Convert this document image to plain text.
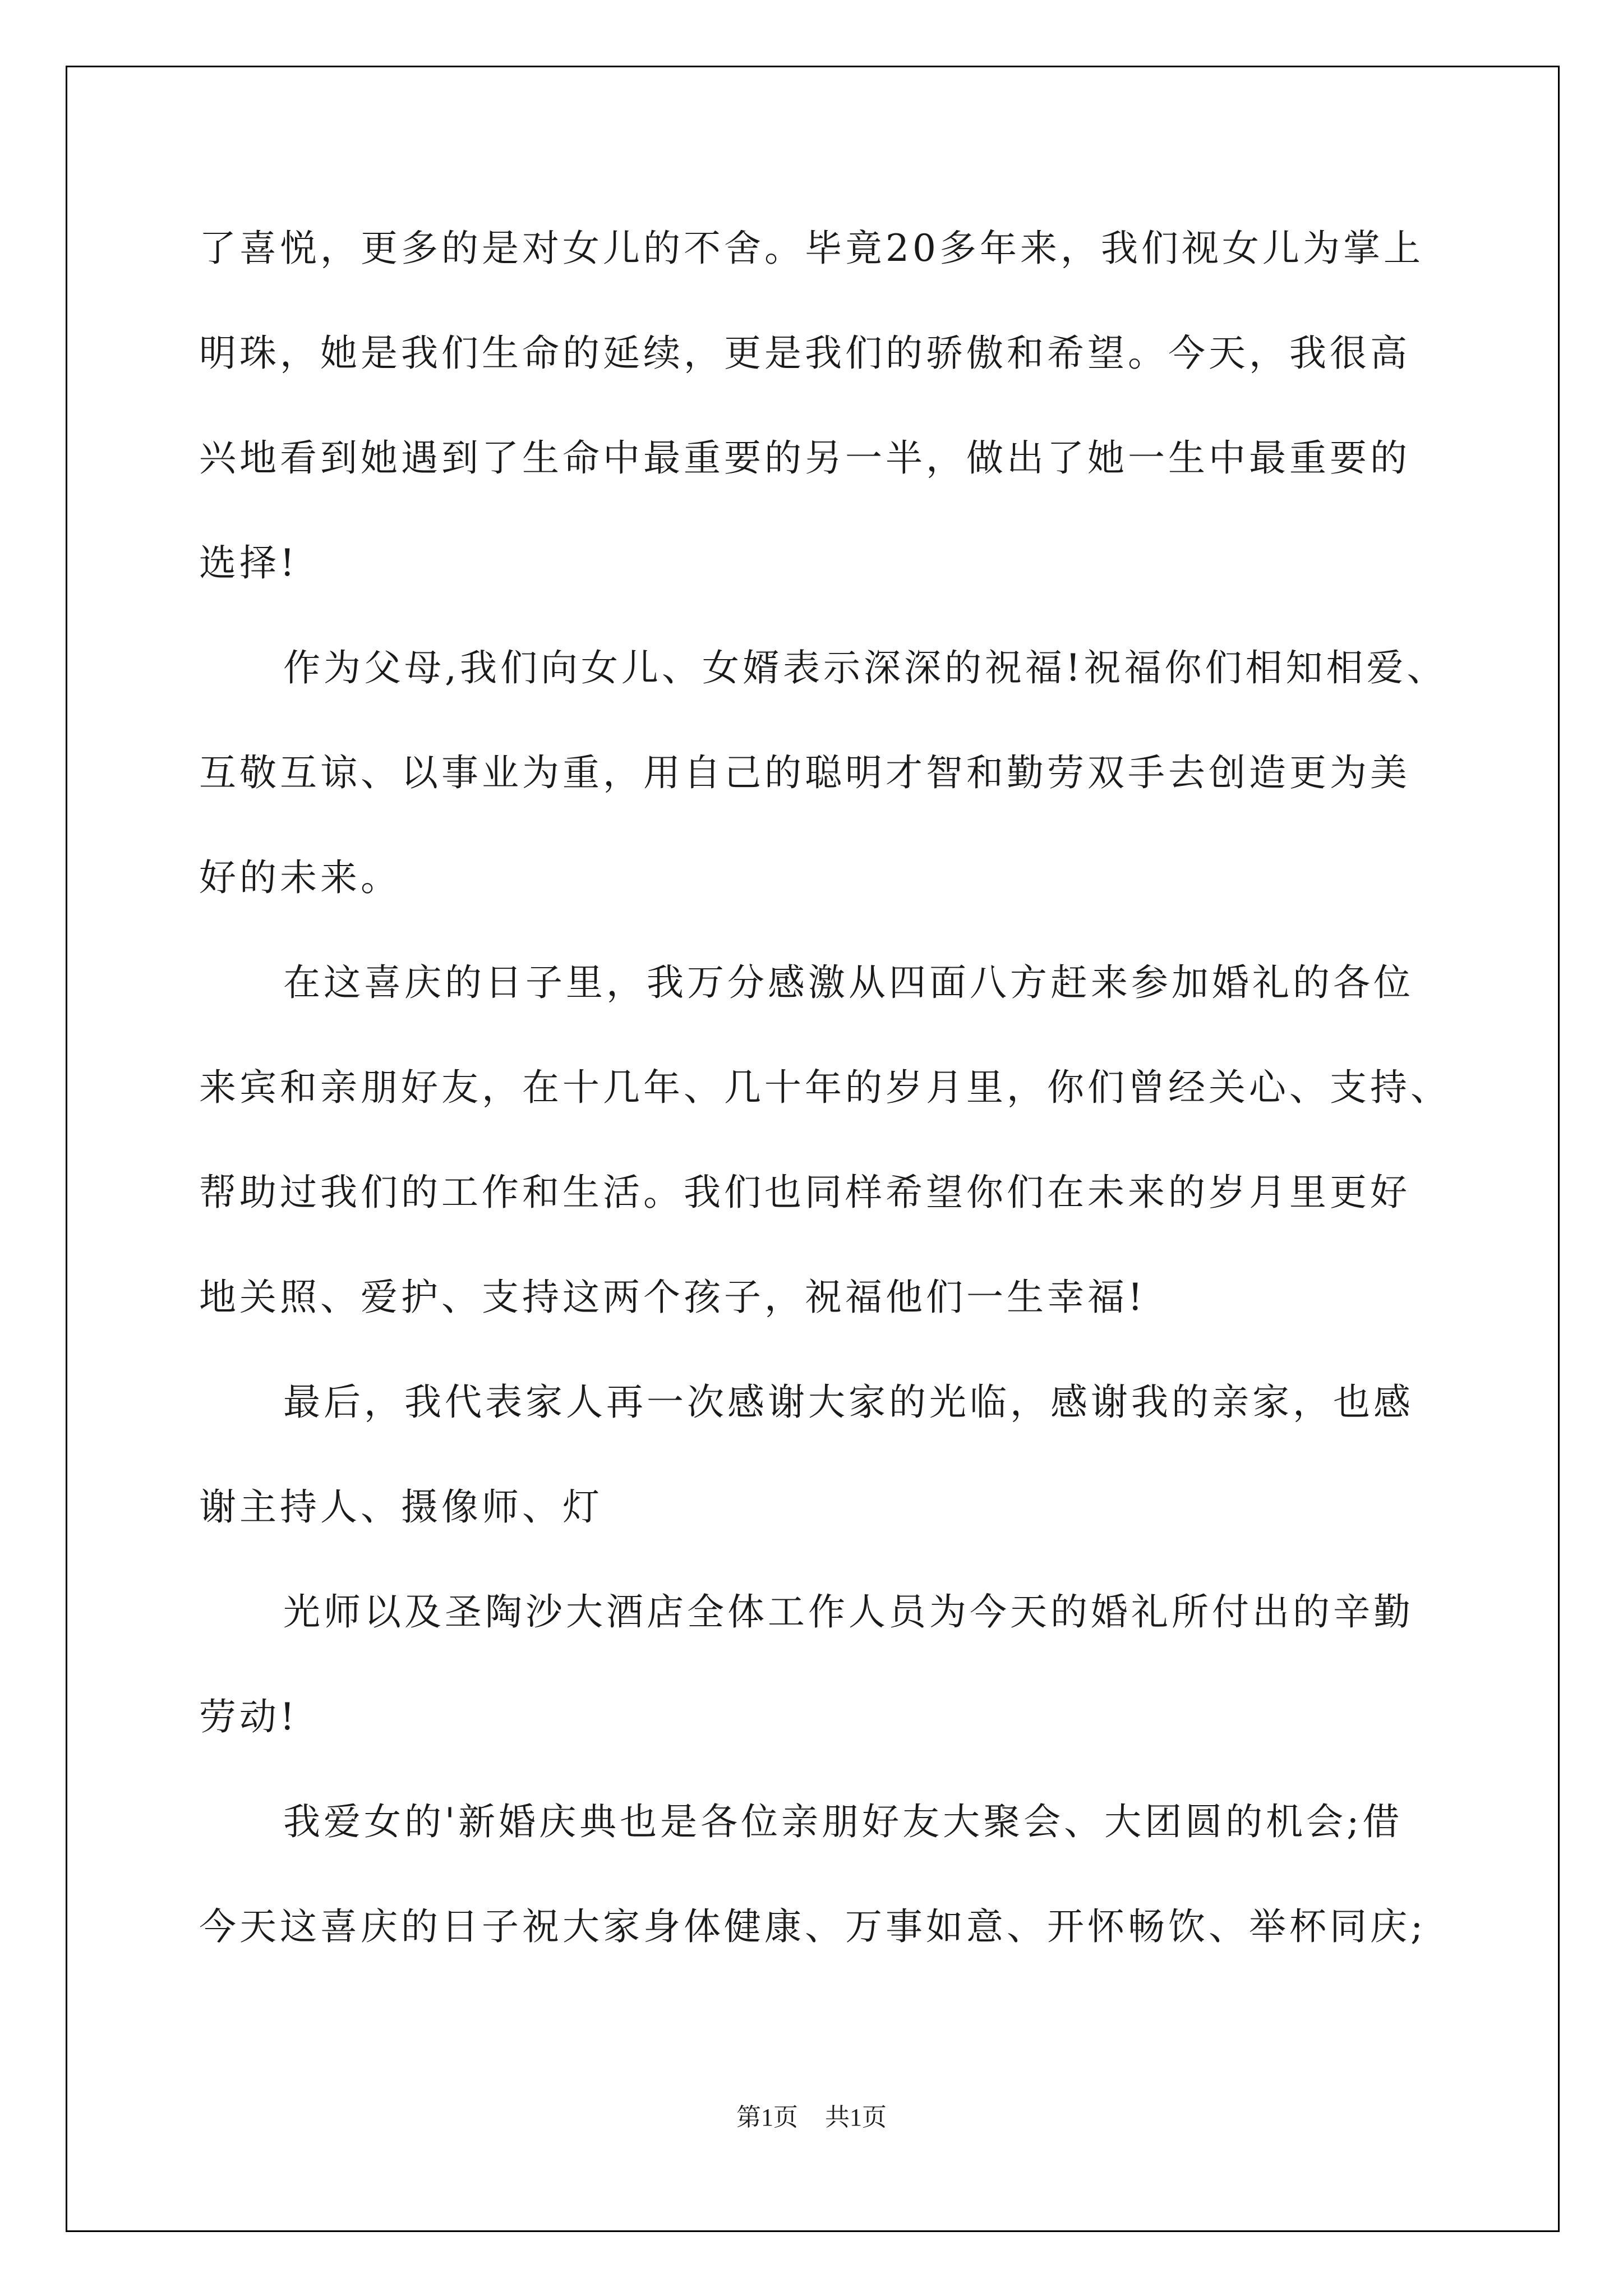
了喜悦，更多的是对女儿的不舍。毕竟20多年来，我们视女儿为掌上
明珠，她是我们生命的延续，更是我们的骄傲和希望。今天，我很高
兴地看到她遇到了生命中最重要的另一半，做出了她一生中最重要的
选择!
作为父母,我们向女儿、女婿表示深深的祝福!祝福你们相知相爱、
互敬互谅、以事业为重，用自己的聪明才智和勤劳双手去创造更为美
好的未来。
在这喜庆的日子里，我万分感激从四面八方赶来参加婚礼的各位
来宾和亲朋好友，在十几年、几十年的岁月里，你们曾经关心、支持、
帮助过我们的工作和生活。我们也同样希望你们在未来的岁月里更好
地关照、爱护、支持这两个孩子，祝福他们一生幸福!
最后，我代表家人再一次感谢大家的光临，感谢我的亲家，也感
谢主持人、摄像师、灯
光师以及圣陶沙大酒店全体工作人员为今天的婚礼所付出的辛勤
劳动!
我爱女的'新婚庆典也是各位亲朋好友大聚会、大团圆的机会;借
今天这喜庆的日子祝大家身体健康、万事如意、开怀畅饮、举杯同庆;
第1页 共1页
